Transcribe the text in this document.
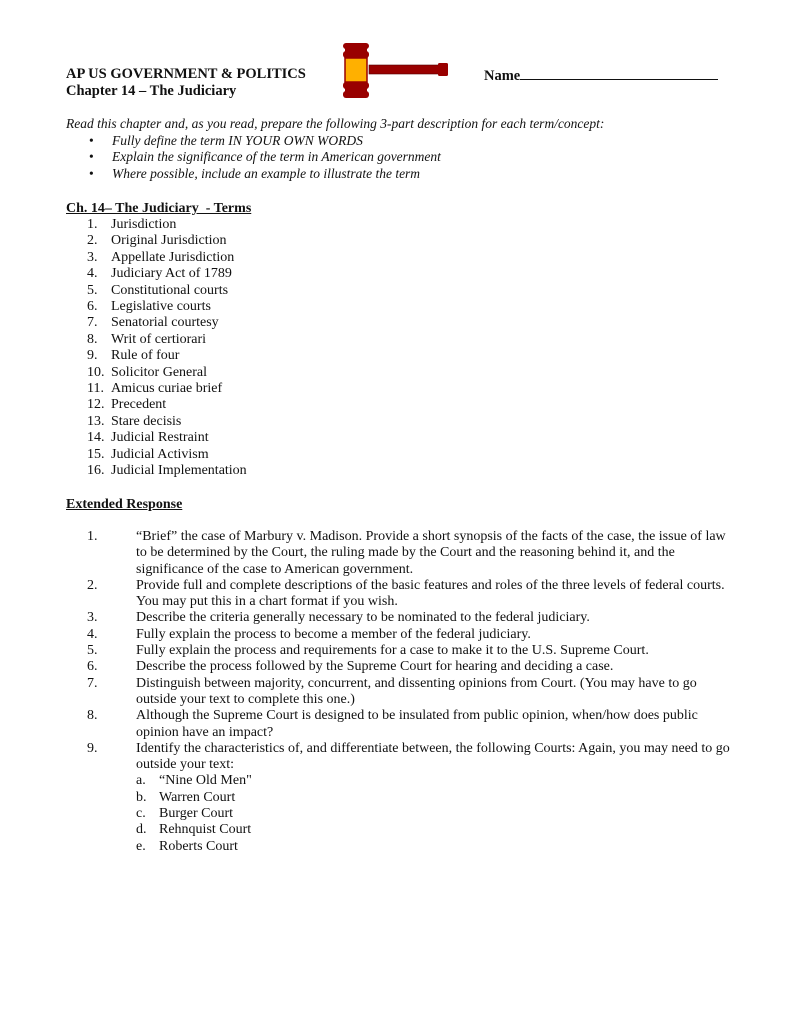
AP US GOVERNMENT & POLITICS
Chapter 14 – The Judiciary
Name
Read this chapter and, as you read, prepare the following 3-part description for each term/concept:
• Fully define the term IN YOUR OWN WORDS
• Explain the significance of the term in American government
• Where possible, include an example to illustrate the term
Ch. 14– The Judiciary  - Terms
1. Jurisdiction
2. Original Jurisdiction
3. Appellate Jurisdiction
4. Judiciary Act of 1789
5. Constitutional courts
6. Legislative courts
7. Senatorial courtesy
8. Writ of certiorari
9. Rule of four
10. Solicitor General
11. Amicus curiae brief
12. Precedent
13. Stare decisis
14. Judicial Restraint
15. Judicial Activism
16. Judicial Implementation
Extended Response
1.	“Brief” the case of Marbury v. Madison. Provide a short synopsis of the facts of the case, the issue of law to be determined by the Court, the ruling made by the Court and the reasoning behind it, and the significance of the case to American government.
2.	Provide full and complete descriptions of the basic features and roles of the three levels of federal courts. You may put this in a chart format if you wish.
3.	Describe the criteria generally necessary to be nominated to the federal judiciary.
4.	Fully explain the process to become a member of the federal judiciary.
5.	Fully explain the process and requirements for a case to make it to the U.S. Supreme Court.
6.	Describe the process followed by the Supreme Court for hearing and deciding a case.
7.	Distinguish between majority, concurrent, and dissenting opinions from Court. (You may have to go outside your text to complete this one.)
8.	Although the Supreme Court is designed to be insulated from public opinion, when/how does public opinion have an impact?
9.	Identify the characteristics of, and differentiate between, the following Courts: Again, you may need to go outside your text:
a. “Nine Old Men"
b. Warren Court
c. Burger Court
d. Rehnquist Court
e. Roberts Court
